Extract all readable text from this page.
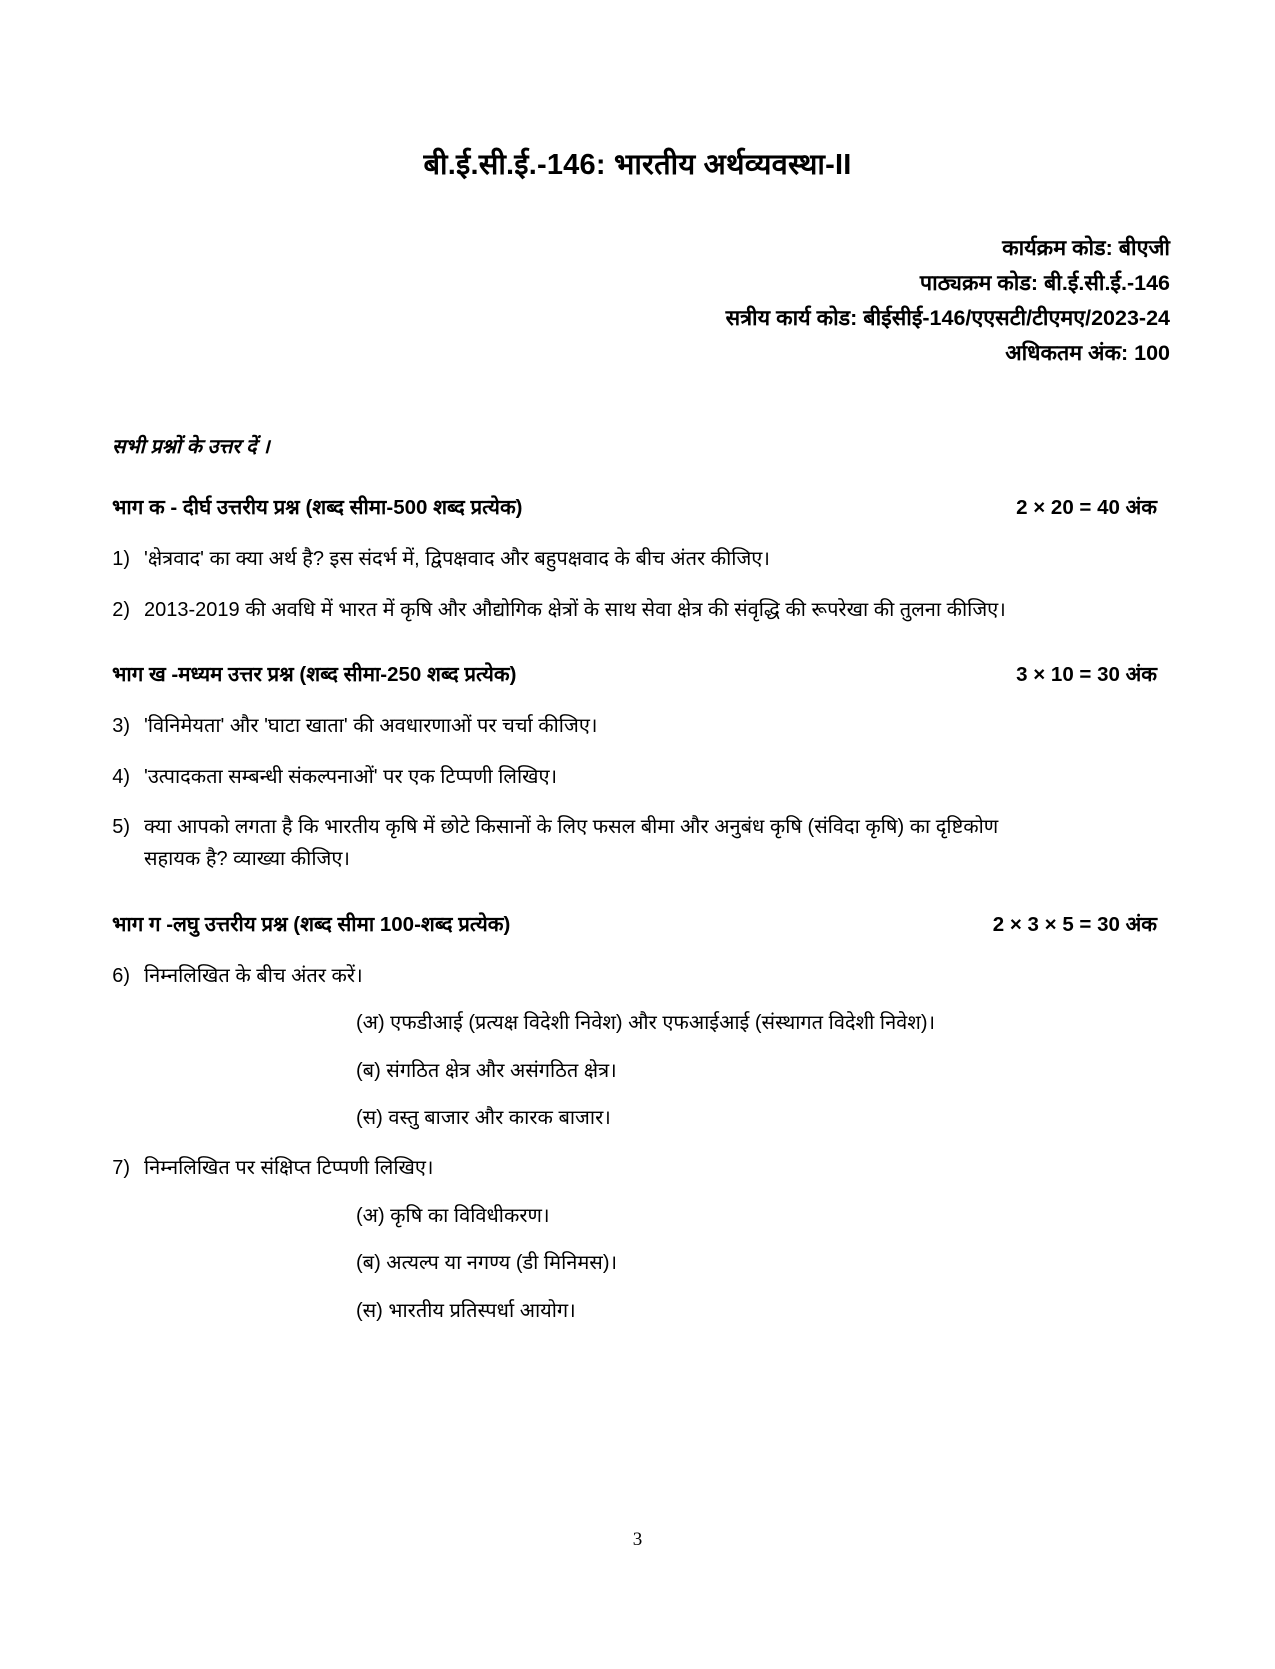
बी.ई.सी.ई.-146: भारतीय अर्थव्यवस्था-II
कार्यक्रम कोड: बीएजी
पाठ्यक्रम कोड: बी.ई.सी.ई.-146
सत्रीय कार्य कोड: बीईसीई-146/एएसटी/टीएमए/2023-24
अधिकतम अंक: 100
सभी प्रश्नों के उत्तर दें ।
भाग क - दीर्घ उत्तरीय प्रश्न (शब्द सीमा-500 शब्द प्रत्येक)	2 × 20 = 40 अंक
1) 'क्षेत्रवाद' का क्या अर्थ है? इस संदर्भ में, द्विपक्षवाद और बहुपक्षवाद के बीच अंतर कीजिए।
2) 2013-2019 की अवधि में भारत में कृषि और औद्योगिक क्षेत्रों के साथ सेवा क्षेत्र की संवृद्धि की रूपरेखा की तुलना कीजिए।
भाग ख -मध्यम उत्तर प्रश्न (शब्द सीमा-250 शब्द प्रत्येक)	3 × 10 = 30 अंक
3) 'विनिमेयता' और 'घाटा खाता' की अवधारणाओं पर चर्चा कीजिए।
4) 'उत्पादकता सम्बन्धी संकल्पनाओं' पर एक टिप्पणी लिखिए।
5) क्या आपको लगता है कि भारतीय कृषि में छोटे किसानों के लिए फसल बीमा और अनुबंध कृषि (संविदा कृषि) का दृष्टिकोण सहायक है? व्याख्या कीजिए।
भाग ग -लघु उत्तरीय प्रश्न (शब्द सीमा 100-शब्द प्रत्येक)	2 × 3 × 5 = 30 अंक
6) निम्नलिखित के बीच अंतर करें।
(अ) एफडीआई (प्रत्यक्ष विदेशी निवेश) और एफआईआई (संस्थागत विदेशी निवेश)।
(ब) संगठित क्षेत्र और असंगठित क्षेत्र।
(स) वस्तु बाजार और कारक बाजार।
7) निम्नलिखित पर संक्षिप्त टिप्पणी लिखिए।
(अ) कृषि का विविधीकरण।
(ब) अत्यल्प या नगण्य (डी मिनिमस)।
(स) भारतीय प्रतिस्पर्धा आयोग।
3
